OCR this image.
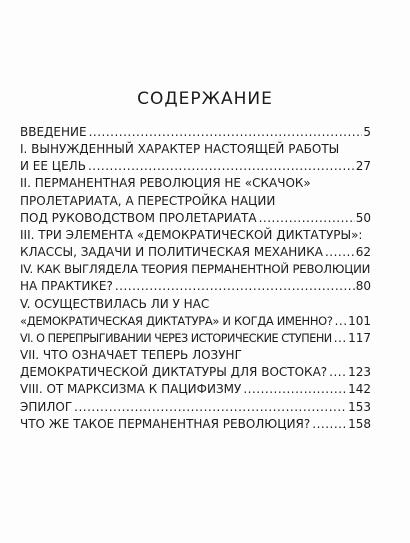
СОДЕРЖАНИЕ
ВВЕДЕНИЕ .....	5
I. ВЫНУЖДЕННЫЙ ХАРАКТЕР НАСТОЯЩЕЙ РАБОТЫ
И ЕЕ ЦЕЛЬ .....	27
II. ПЕРМАНЕНТНАЯ РЕВОЛЮЦИЯ НЕ «СКАЧОК»
ПРОЛЕТАРИАТА, А ПЕРЕСТРОЙКА НАЦИИ
ПОД РУКОВОДСТВОМ ПРОЛЕТАРИАТА .....	50
III. ТРИ ЭЛЕМЕНТА «ДЕМОКРАТИЧЕСКОЙ ДИКТАТУРЫ»:
КЛАССЫ, ЗАДАЧИ И ПОЛИТИЧЕСКАЯ МЕХАНИКА .....	62
IV. КАК ВЫГЛЯДЕЛА ТЕОРИЯ ПЕРМАНЕНТНОЙ РЕВОЛЮЦИИ
НА ПРАКТИКЕ? .....	80
V. ОСУЩЕСТВИЛАСЬ ЛИ У НАС
«ДЕМОКРАТИЧЕСКАЯ ДИКТАТУРА» И КОГДА ИМЕННО? ..... 101
VI. О ПЕРЕПРЫГИВАНИИ ЧЕРЕЗ ИСТОРИЧЕСКИЕ СТУПЕНИ ..... 117
VII. ЧТО ОЗНАЧАЕТ ТЕПЕРЬ ЛОЗУНГ
ДЕМОКРАТИЧЕСКОЙ ДИКТАТУРЫ ДЛЯ ВОСТОКА? ..... 123
VIII. ОТ МАРКСИЗМА К ПАЦИФИЗМУ .....	142
ЭПИЛОГ .....	153
ЧТО ЖЕ ТАКОЕ ПЕРМАНЕНТНАЯ РЕВОЛЮЦИЯ? .....	158
